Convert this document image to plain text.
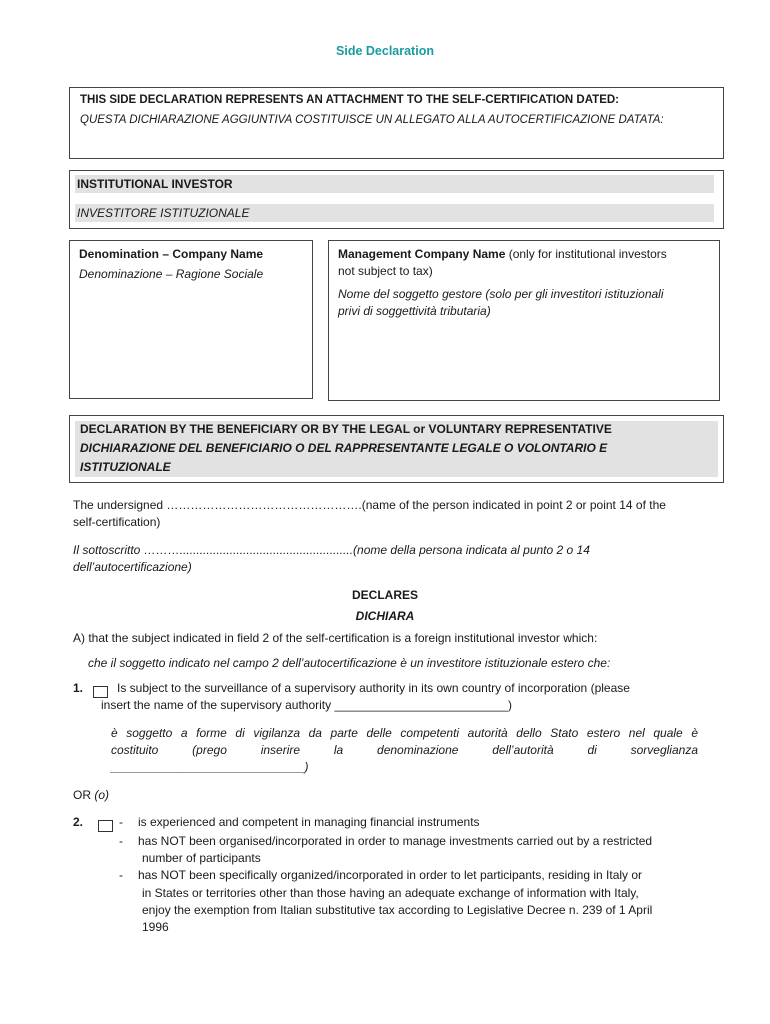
Side Declaration
THIS SIDE DECLARATION REPRESENTS AN ATTACHMENT TO THE SELF-CERTIFICATION DATED:
QUESTA DICHIARAZIONE AGGIUNTIVA COSTITUISCE UN ALLEGATO ALLA AUTOCERTIFICAZIONE DATATA:
INSTITUTIONAL INVESTOR
INVESTITORE ISTITUZIONALE
Denomination – Company Name
Denominazione – Ragione Sociale
Management Company Name (only for institutional investors
not subject to tax)
Nome del soggetto gestore (solo per gli investitori istituzionali
privi di soggettività tributaria)
DECLARATION BY THE BENEFICIARY OR BY THE LEGAL or VOLUNTARY REPRESENTATIVE
DICHIARAZIONE DEL BENEFICIARIO O DEL RAPPRESENTANTE LEGALE O VOLONTARIO E
ISTITUZIONALE
The undersigned ………………………………………….(name of the person indicated in point 2 or point 14 of the
self-certification)
Il sottoscritto ………....................................................(nome della persona indicata al punto 2 o 14
dell’autocertificazione)
DECLARES
DICHIARA
A) that the subject indicated in field 2 of the self-certification is a foreign institutional investor which:
che il soggetto indicato nel campo 2 dell’autocertificazione è un investitore istituzionale estero che:
1.	Is subject to the surveillance of a supervisory authority in its own country of incorporation (please
insert the name of the supervisory authority __________________________)
è soggetto a forme di vigilanza da parte delle competenti autorità dello Stato estero nel quale è
costituito (prego inserire la denominazione dell’autorità di sorveglianza
_____________________________)
OR (o)
2.	- is experienced and competent in managing financial instruments
- has NOT been organised/incorporated in order to manage investments carried out by a restricted
number of participants
- has NOT been specifically organized/incorporated in order to let participants, residing in Italy or
in States or territories other than those having an adequate exchange of information with Italy,
enjoy the exemption from Italian substitutive tax according to Legislative Decree n. 239 of 1 April
1996
